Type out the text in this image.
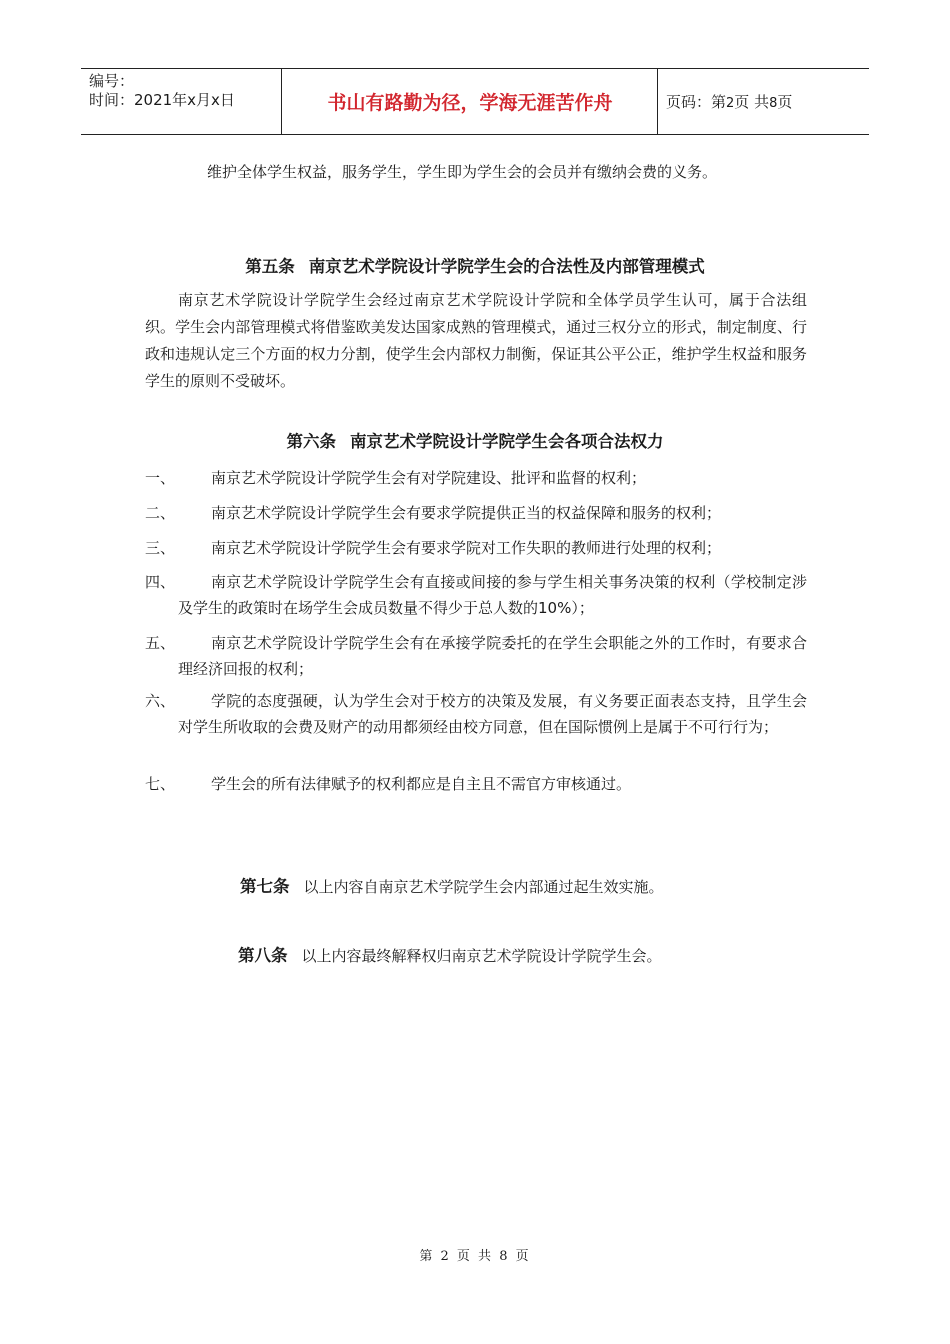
编号：
时间：2021年x月x日	书山有路勤为径，学海无涯苦作舟	页码：第2页 共8页
维护全体学生权益，服务学生，学生即为学生会的会员并有缴纳会费的义务。
第五条 南京艺术学院设计学院学生会的合法性及内部管理模式
南京艺术学院设计学院学生会经过南京艺术学院设计学院和全体学员学生认可，属于合法组织。学生会内部管理模式将借鉴欧美发达国家成熟的管理模式，通过三权分立的形式，制定制度、行政和违规认定三个方面的权力分割，使学生会内部权力制衡，保证其公平公正，维护学生权益和服务学生的原则不受破坏。
第六条 南京艺术学院设计学院学生会各项合法权力
一、	南京艺术学院设计学院学生会有对学院建设、批评和监督的权利；
二、	南京艺术学院设计学院学生会有要求学院提供正当的权益保障和服务的权利；
三、	南京艺术学院设计学院学生会有要求学院对工作失职的教师进行处理的权利；
四、	南京艺术学院设计学院学生会有直接或间接的参与学生相关事务决策的权利（学校制定涉及学生的政策时在场学生会成员数量不得少于总人数的10%）；
五、	南京艺术学院设计学院学生会有在承接学院委托的在学生会职能之外的工作时，有要求合理经济回报的权利；
六、	学院的态度强硬，认为学生会对于校方的决策及发展，有义务要正面表态支持，且学生会对学生所收取的会费及财产的动用都须经由校方同意，但在国际惯例上是属于不可行行为；
七、	学生会的所有法律赋予的权利都应是自主且不需官方审核通过。
第七条 以上内容自南京艺术学院学生会内部通过起生效实施。
第八条 以上内容最终解释权归南京艺术学院设计学院学生会。
第 2 页 共 8 页
